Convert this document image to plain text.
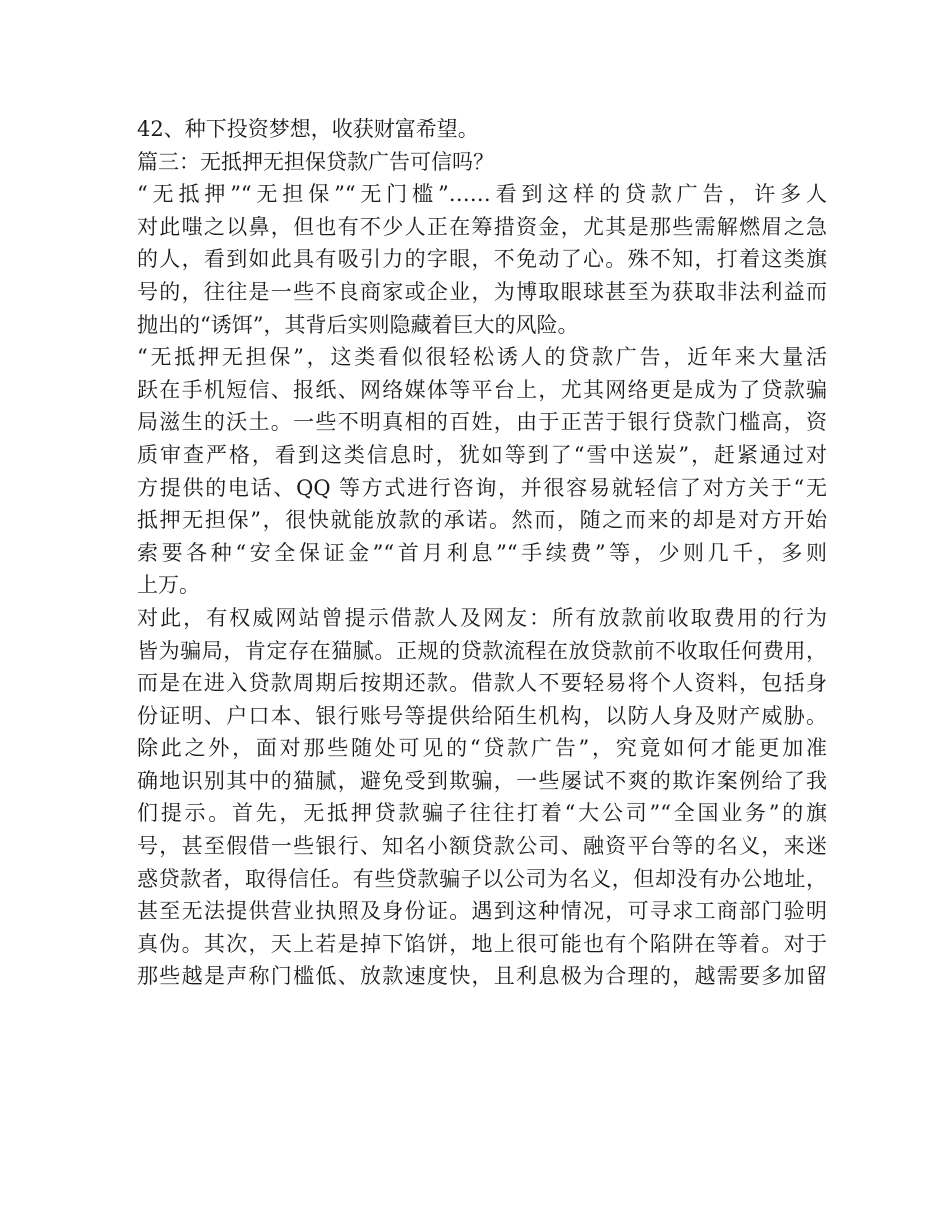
42、种下投资梦想，收获财富希望。
篇三：无抵押无担保贷款广告可信吗？
“无抵押”“无担保”“无门槛”……看到这样的贷款广告，许多人
对此嗤之以鼻，但也有不少人正在筹措资金，尤其是那些需解燃眉之急
的人，看到如此具有吸引力的字眼，不免动了心。殊不知，打着这类旗
号的，往往是一些不良商家或企业，为博取眼球甚至为获取非法利益而
抛出的“诱饵”，其背后实则隐藏着巨大的风险。
“无抵押无担保”，这类看似很轻松诱人的贷款广告，近年来大量活
跃在手机短信、报纸、网络媒体等平台上，尤其网络更是成为了贷款骗
局滋生的沃土。一些不明真相的百姓，由于正苦于银行贷款门槛高，资
质审查严格，看到这类信息时，犹如等到了“雪中送炭”，赶紧通过对
方提供的电话、QQ 等方式进行咨询，并很容易就轻信了对方关于“无
抵押无担保”，很快就能放款的承诺。然而，随之而来的却是对方开始
索要各种“安全保证金”“首月利息”“手续费”等，少则几千，多则
上万。
对此，有权威网站曾提示借款人及网友：所有放款前收取费用的行为
皆为骗局，肯定存在猫腻。正规的贷款流程在放贷款前不收取任何费用，
而是在进入贷款周期后按期还款。借款人不要轻易将个人资料，包括身
份证明、户口本、银行账号等提供给陌生机构，以防人身及财产威胁。
除此之外，面对那些随处可见的“贷款广告”，究竟如何才能更加准
确地识别其中的猫腻，避免受到欺骗，一些屡试不爽的欺诈案例给了我
们提示。首先，无抵押贷款骗子往往打着“大公司”“全国业务”的旗
号，甚至假借一些银行、知名小额贷款公司、融资平台等的名义，来迷
惑贷款者，取得信任。有些贷款骗子以公司为名义，但却没有办公地址，
甚至无法提供营业执照及身份证。遇到这种情况，可寻求工商部门验明
真伪。其次，天上若是掉下馅饼，地上很可能也有个陷阱在等着。对于
那些越是声称门槛低、放款速度快，且利息极为合理的，越需要多加留
